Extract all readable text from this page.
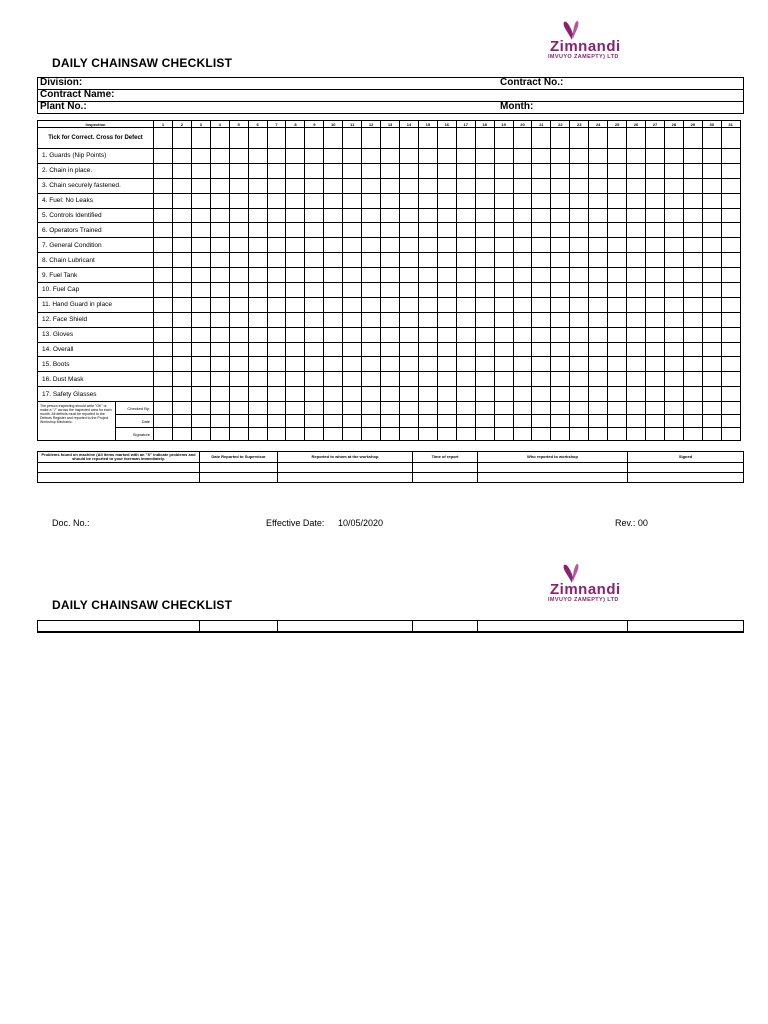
DAILY CHAINSAW CHECKLIST
Zimnandi
IMVUYO ZAMEPTY) LTD
Division:	Contract No.:
Contract Name:
Plant No.:	Month:
Inspection		1	2	3	4	5	6	7	8	9	10	11	12	13	14	15	16	17	18	19	20	21	22	23	24	25	26	27	28	29	30	31
Tick for Correct. Cross for Defect																																
1. Guards (Nip Points)																																
2. Chain in place.																																
3. Chain securely fastened.																																
4. Fuel: No Leaks																																
5. Controls Identified																																
6. Operators Trained																																
7. General Condition																																
8. Chain Lubricant																																
9. Fuel Tank																																
10. Fuel Cap																																
11. Hand Guard in place																																
12. Face Shield																																
13. Gloves																																
14. Overall																																
15. Boots																																
16. Dust Mask																																
17. Safety Glasses																																
The person inspecting should write "OK" or make a "√" across the inspected area for each month. All defects must be reported to the Defects Register and reported to the Project Workshop Mechanic.	Checked By:																															
	Date																															
	Signature																															
Problems found on machine (All items marked with an "X" indicate problems and should be reported to your foreman immediately.	Date Reported to Supervisor	Reported to whom at the workshop	Time of report	Who reported to workshop	Signed

Doc. No.:	Effective Date: 10/05/2020	Rev.: 00
DAILY CHAINSAW CHECKLIST
Zimnandi
IMVUYO ZAMEPTY) LTD
